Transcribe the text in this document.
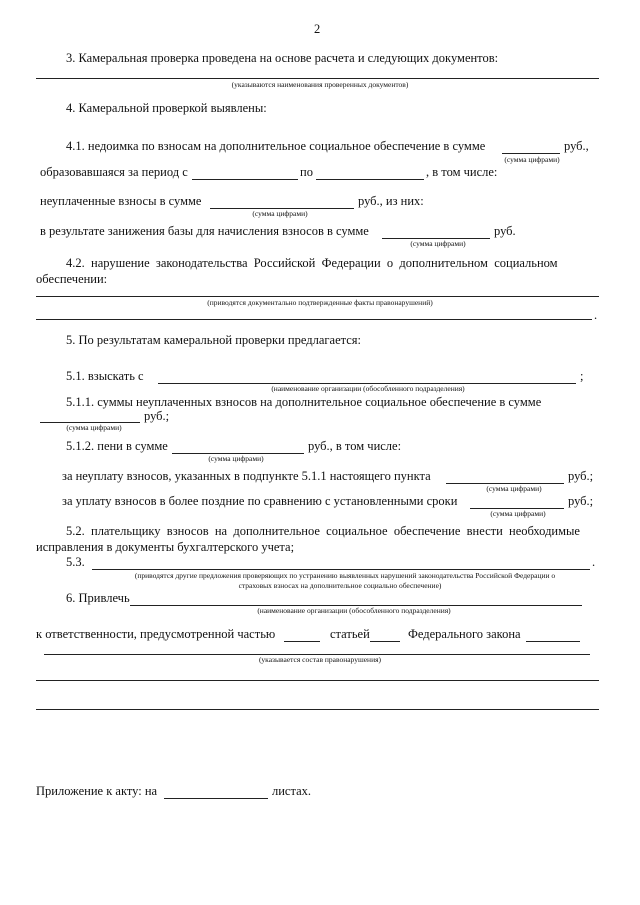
2
3. Камеральная проверка проведена на основе расчета и следующих документов:
(указываются наименования проверенных документов)
4. Камеральной проверкой выявлены:
4.1. недоимка по взносам на дополнительное социальное обеспечение в сумме	руб.,
(сумма цифрами)
образовавшаяся за период с	по	, в том числе:
неуплаченные взносы в сумме	руб., из них:
(сумма цифрами)
в результате занижения базы для начисления взносов в сумме	руб.
(сумма цифрами)
4.2.  нарушение  законодательства  Российской  Федерации  о  дополнительном  социальном
обеспечении:
(приводятся документально подтвержденные факты правонарушений)
.
5. По результатам камеральной проверки предлагается:
5.1. взыскать с	;
(наименование организации (обособленного подразделения)
5.1.1. суммы неуплаченных взносов на дополнительное социальное обеспечение в сумме
руб.;
(сумма цифрами)
5.1.2. пени в сумме	руб., в том числе:
(сумма цифрами)
за неуплату взносов, указанных в подпункте 5.1.1 настоящего пункта	руб.;
(сумма цифрами)
за уплату взносов в более поздние по сравнению с установленными сроки	руб.;
(сумма цифрами)
5.2.  плательщику  взносов  на  дополнительное  социальное  обеспечение  внести  необходимые
исправления в документы бухгалтерского учета;
5.3.	.
(приводятся другие предложения проверяющих по устранению выявленных нарушений законодательства Российской Федерации о
страховых взносах на дополнительное социально обеспечение)
6. Привлечь
(наименование организации (обособленного подразделения)
к ответственности, предусмотренной частью	статьей	Федерального закона
(указывается состав правонарушения)
Приложение к акту: на	листах.
